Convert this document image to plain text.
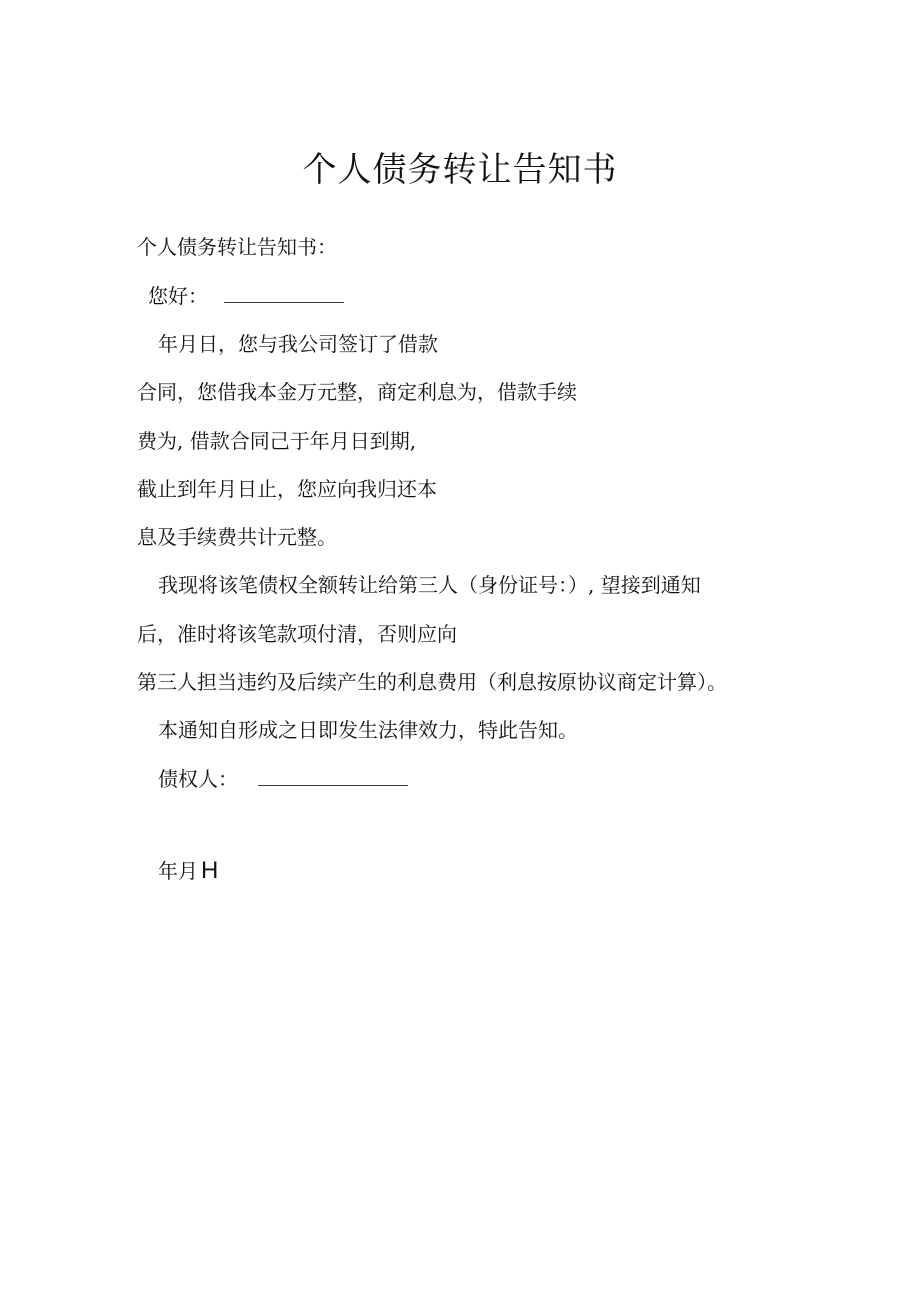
个人债务转让告知书
个人债务转让告知书：
您好：
年月日，您与我公司签订了借款
合同，您借我本金万元整，商定利息为，借款手续
费为, 借款合同己于年月日到期,
截止到年月日止，您应向我归还本
息及手续费共计元整。
我现将该笔债权全额转让给第三人（身份证号：）, 望接到通知
后，准时将该笔款项付清，否则应向
第三人担当违约及后续产生的利息费用（利息按原协议商定计算）。
本通知自形成之日即发生法律效力，特此告知。
债权人：
年月 H
